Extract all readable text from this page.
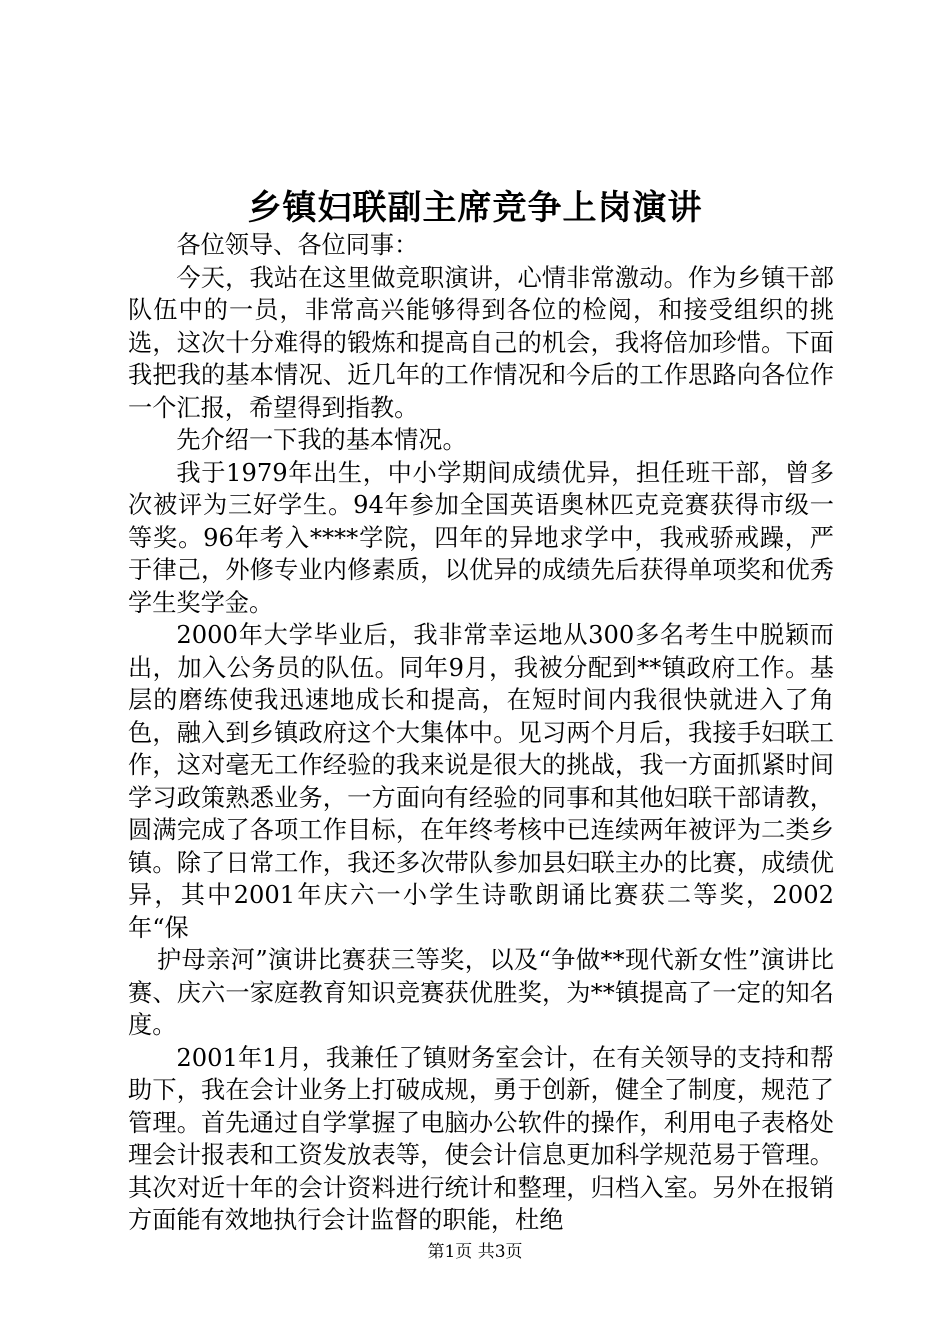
乡镇妇联副主席竞争上岗演讲

各位领导、各位同事：

今天，我站在这里做竞职演讲，心情非常激动。作为乡镇干部队伍中的一员，非常高兴能够得到各位的检阅，和接受组织的挑选，这次十分难得的锻炼和提高自己的机会，我将倍加珍惜。下面我把我的基本情况、近几年的工作情况和今后的工作思路向各位作一个汇报，希望得到指教。

先介绍一下我的基本情况。

我于1979年出生，中小学期间成绩优异，担任班干部，曾多次被评为三好学生。94年参加全国英语奥林匹克竞赛获得市级一等奖。96年考入****学院，四年的异地求学中，我戒骄戒躁，严于律己，外修专业内修素质，以优异的成绩先后获得单项奖和优秀学生奖学金。

2000年大学毕业后，我非常幸运地从300多名考生中脱颖而出，加入公务员的队伍。同年9月，我被分配到**镇政府工作。基层的磨练使我迅速地成长和提高，在短时间内我很快就进入了角色，融入到乡镇政府这个大集体中。见习两个月后，我接手妇联工作，这对毫无工作经验的我来说是很大的挑战，我一方面抓紧时间学习政策熟悉业务，一方面向有经验的同事和其他妇联干部请教，圆满完成了各项工作目标，在年终考核中已连续两年被评为二类乡镇。除了日常工作，我还多次带队参加县妇联主办的比赛，成绩优异，其中2001年庆六一小学生诗歌朗诵比赛获二等奖，2002年“保

护母亲河”演讲比赛获三等奖，以及“争做**现代新女性”演讲比赛、庆六一家庭教育知识竞赛获优胜奖，为**镇提高了一定的知名度。

2001年1月，我兼任了镇财务室会计，在有关领导的支持和帮助下，我在会计业务上打破成规，勇于创新，健全了制度，规范了管理。首先通过自学掌握了电脑办公软件的操作，利用电子表格处理会计报表和工资发放表等，使会计信息更加科学规范易于管理。其次对近十年的会计资料进行统计和整理，归档入室。另外在报销方面能有效地执行会计监督的职能，杜绝

第1页 共3页
